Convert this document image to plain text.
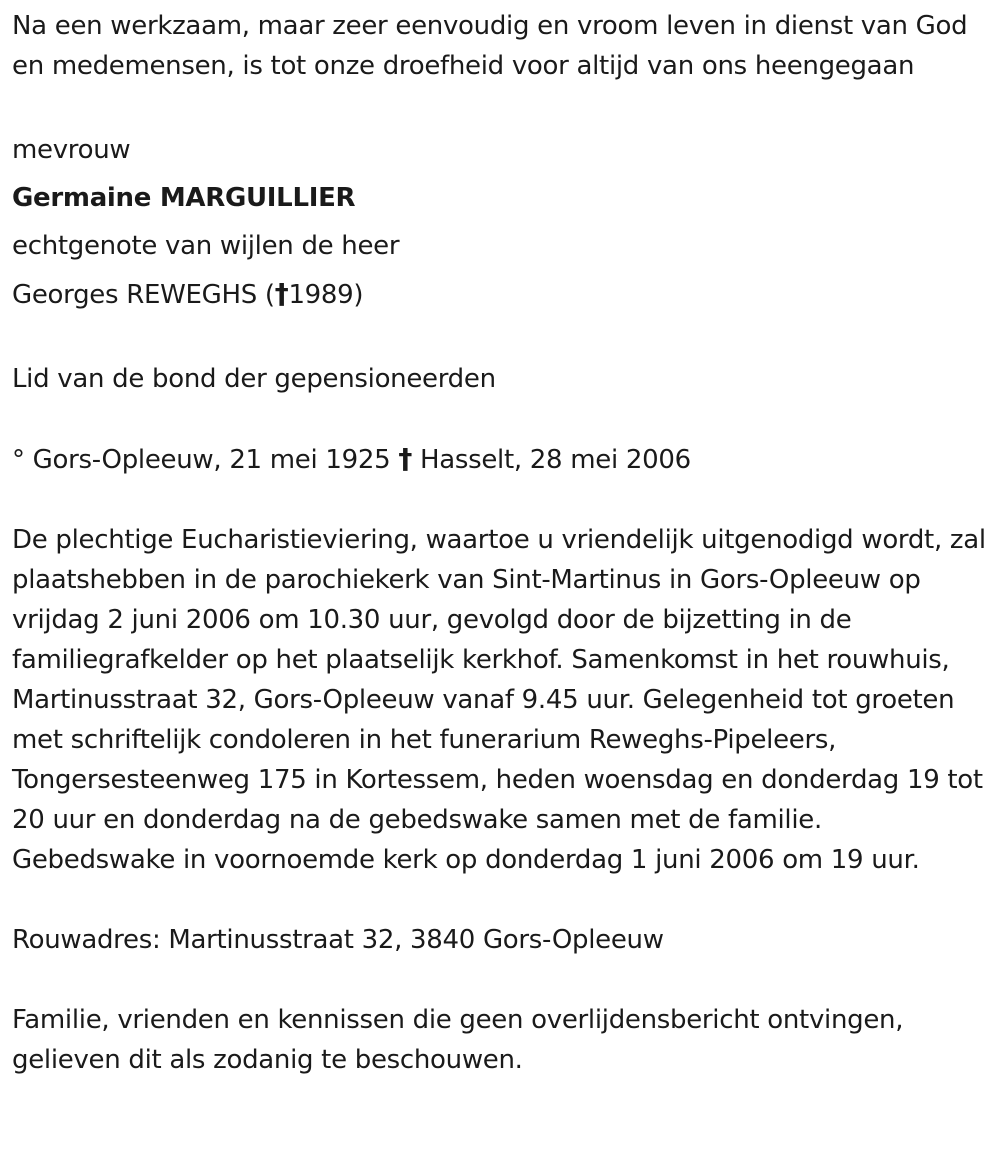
Na een werkzaam, maar zeer eenvoudig en vroom leven in dienst van God en medemensen, is tot onze droefheid voor altijd van ons heengegaan

mevrouw
Germaine MARGUILLIER
echtgenote van wijlen de heer
Georges REWEGHS (†1989)

Lid van de bond der gepensioneerden

° Gors-Opleeuw, 21 mei 1925 † Hasselt, 28 mei 2006

De plechtige Eucharistieviering, waartoe u vriendelijk uitgenodigd wordt, zal plaatshebben in de parochiekerk van Sint-Martinus in Gors-Opleeuw op vrijdag 2 juni 2006 om 10.30 uur, gevolgd door de bijzetting in de familiegrafkelder op het plaatselijk kerkhof. Samenkomst in het rouwhuis, Martinusstraat 32, Gors-Opleeuw vanaf 9.45 uur. Gelegenheid tot groeten met schriftelijk condoleren in het funerarium Reweghs-Pipeleers, Tongersesteenweg 175 in Kortessem, heden woensdag en donderdag 19 tot 20 uur en donderdag na de gebedswake samen met de familie. Gebedswake in voornoemde kerk op donderdag 1 juni 2006 om 19 uur.

Rouwadres: Martinusstraat 32, 3840 Gors-Opleeuw

Familie, vrienden en kennissen die geen overlijdensbericht ontvingen, gelieven dit als zodanig te beschouwen.
